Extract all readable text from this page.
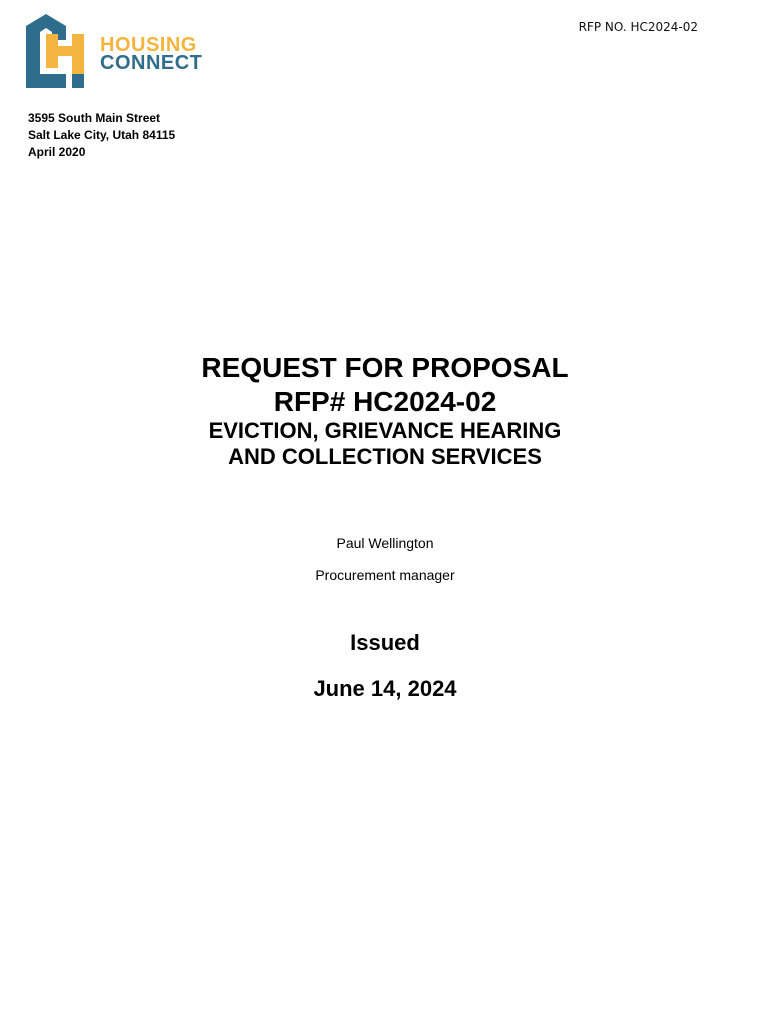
HOUSING
CONNECT
RFP NO. HC2024-02
3595 South Main Street
Salt Lake City, Utah 84115
April 2020
REQUEST FOR PROPOSAL
RFP# HC2024-02
EVICTION, GRIEVANCE HEARING
AND COLLECTION SERVICES
Paul Wellington
Procurement manager
Issued
June 14, 2024
